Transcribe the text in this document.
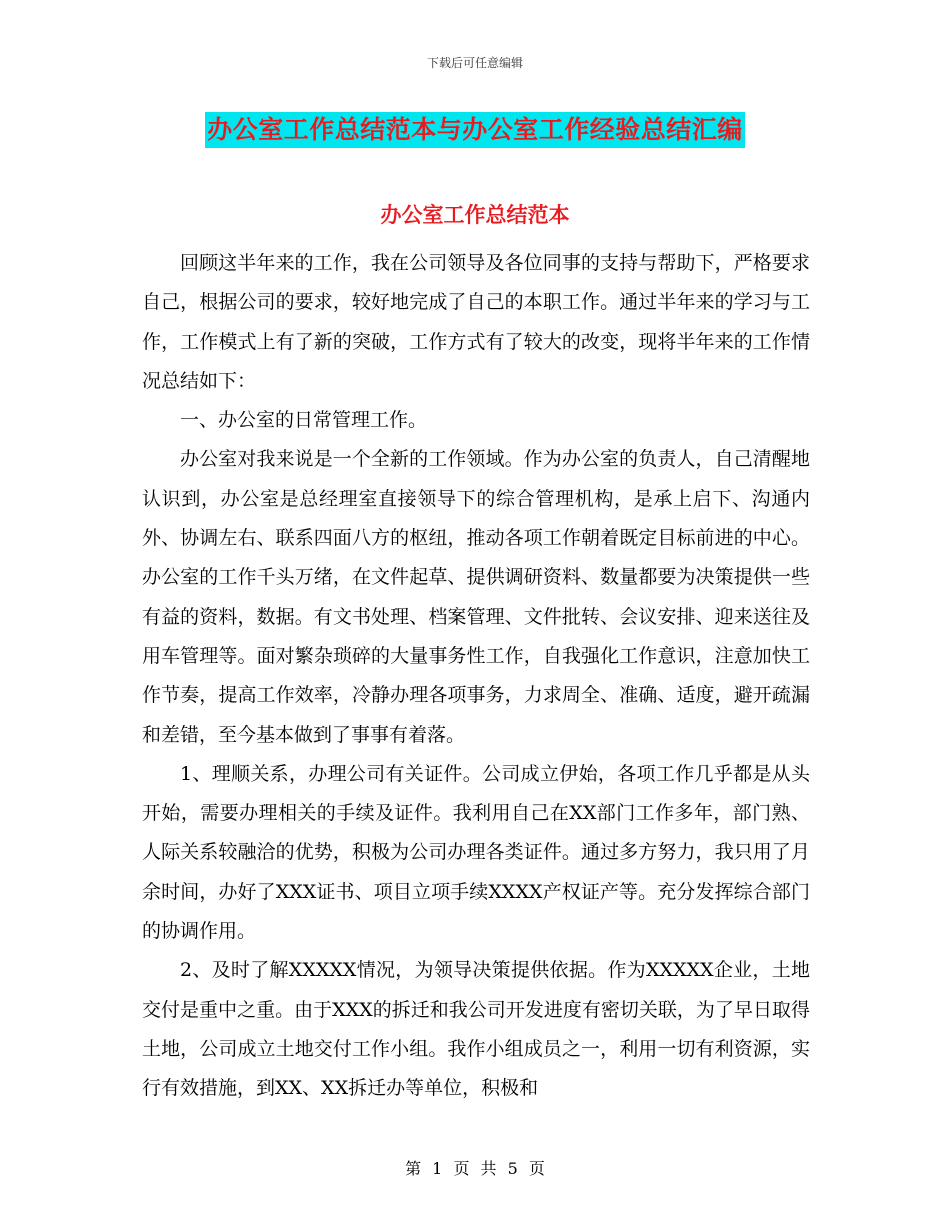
下载后可任意编辑
办公室工作总结范本与办公室工作经验总结汇编
办公室工作总结范本

回顾这半年来的工作，我在公司领导及各位同事的支持与帮助下，严格要求自己，根据公司的要求，较好地完成了自己的本职工作。通过半年来的学习与工作，工作模式上有了新的突破，工作方式有了较大的改变，现将半年来的工作情况总结如下：

一、办公室的日常管理工作。

办公室对我来说是一个全新的工作领域。作为办公室的负责人，自己清醒地认识到，办公室是总经理室直接领导下的综合管理机构，是承上启下、沟通内外、协调左右、联系四面八方的枢纽，推动各项工作朝着既定目标前进的中心。办公室的工作千头万绪，在文件起草、提供调研资料、数量都要为决策提供一些有益的资料，数据。有文书处理、档案管理、文件批转、会议安排、迎来送往及用车管理等。面对繁杂琐碎的大量事务性工作，自我强化工作意识，注意加快工作节奏，提高工作效率，冷静办理各项事务，力求周全、准确、适度，避开疏漏和差错，至今基本做到了事事有着落。

1、理顺关系，办理公司有关证件。公司成立伊始，各项工作几乎都是从头开始，需要办理相关的手续及证件。我利用自己在XX部门工作多年，部门熟、人际关系较融洽的优势，积极为公司办理各类证件。通过多方努力，我只用了月余时间，办好了XXX证书、项目立项手续XXXX产权证产等。充分发挥综合部门的协调作用。

2、及时了解XXXXX情况，为领导决策提供依据。作为XXXXX企业，土地交付是重中之重。由于XXX的拆迁和我公司开发进度有密切关联，为了早日取得土地，公司成立土地交付工作小组。我作小组成员之一，利用一切有利资源，实行有效措施，到XX、XX拆迁办等单位，积极和

第 1 页 共 5 页
